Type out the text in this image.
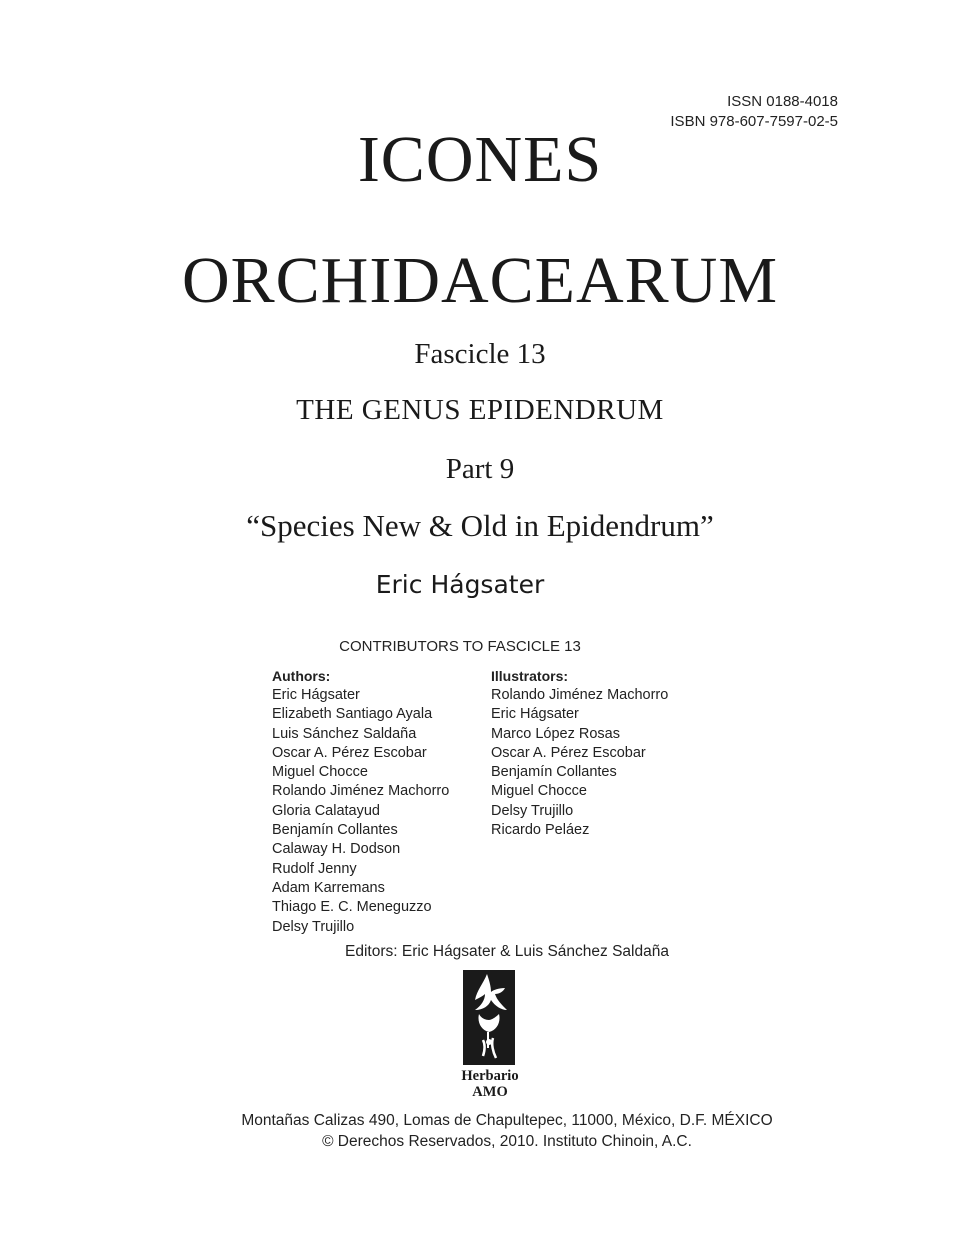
ISSN 0188-4018
ISBN 978-607-7597-02-5
ICONES
ORCHIDACEARUM
Fascicle 13
THE GENUS EPIDENDRUM
Part 9
“Species New & Old in Epidendrum”
Eric Hágsater
CONTRIBUTORS TO FASCICLE 13
Authors:
Eric Hágsater
Elizabeth Santiago Ayala
Luis Sánchez Saldaña
Oscar A. Pérez Escobar
Miguel Chocce
Rolando Jiménez Machorro
Gloria Calatayud
Benjamín Collantes
Calaway H. Dodson
Rudolf Jenny
Adam Karremans
Thiago E. C. Meneguzzo
Delsy Trujillo
Illustrators:
Rolando Jiménez Machorro
Eric Hágsater
Marco López Rosas
Oscar A. Pérez Escobar
Benjamín Collantes
Miguel Chocce
Delsy Trujillo
Ricardo Peláez
Editors: Eric Hágsater & Luis Sánchez Saldaña
Herbario
AMO
Montañas Calizas 490, Lomas de Chapultepec, 11000, México, D.F. MÉXICO
© Derechos Reservados, 2010. Instituto Chinoin, A.C.
